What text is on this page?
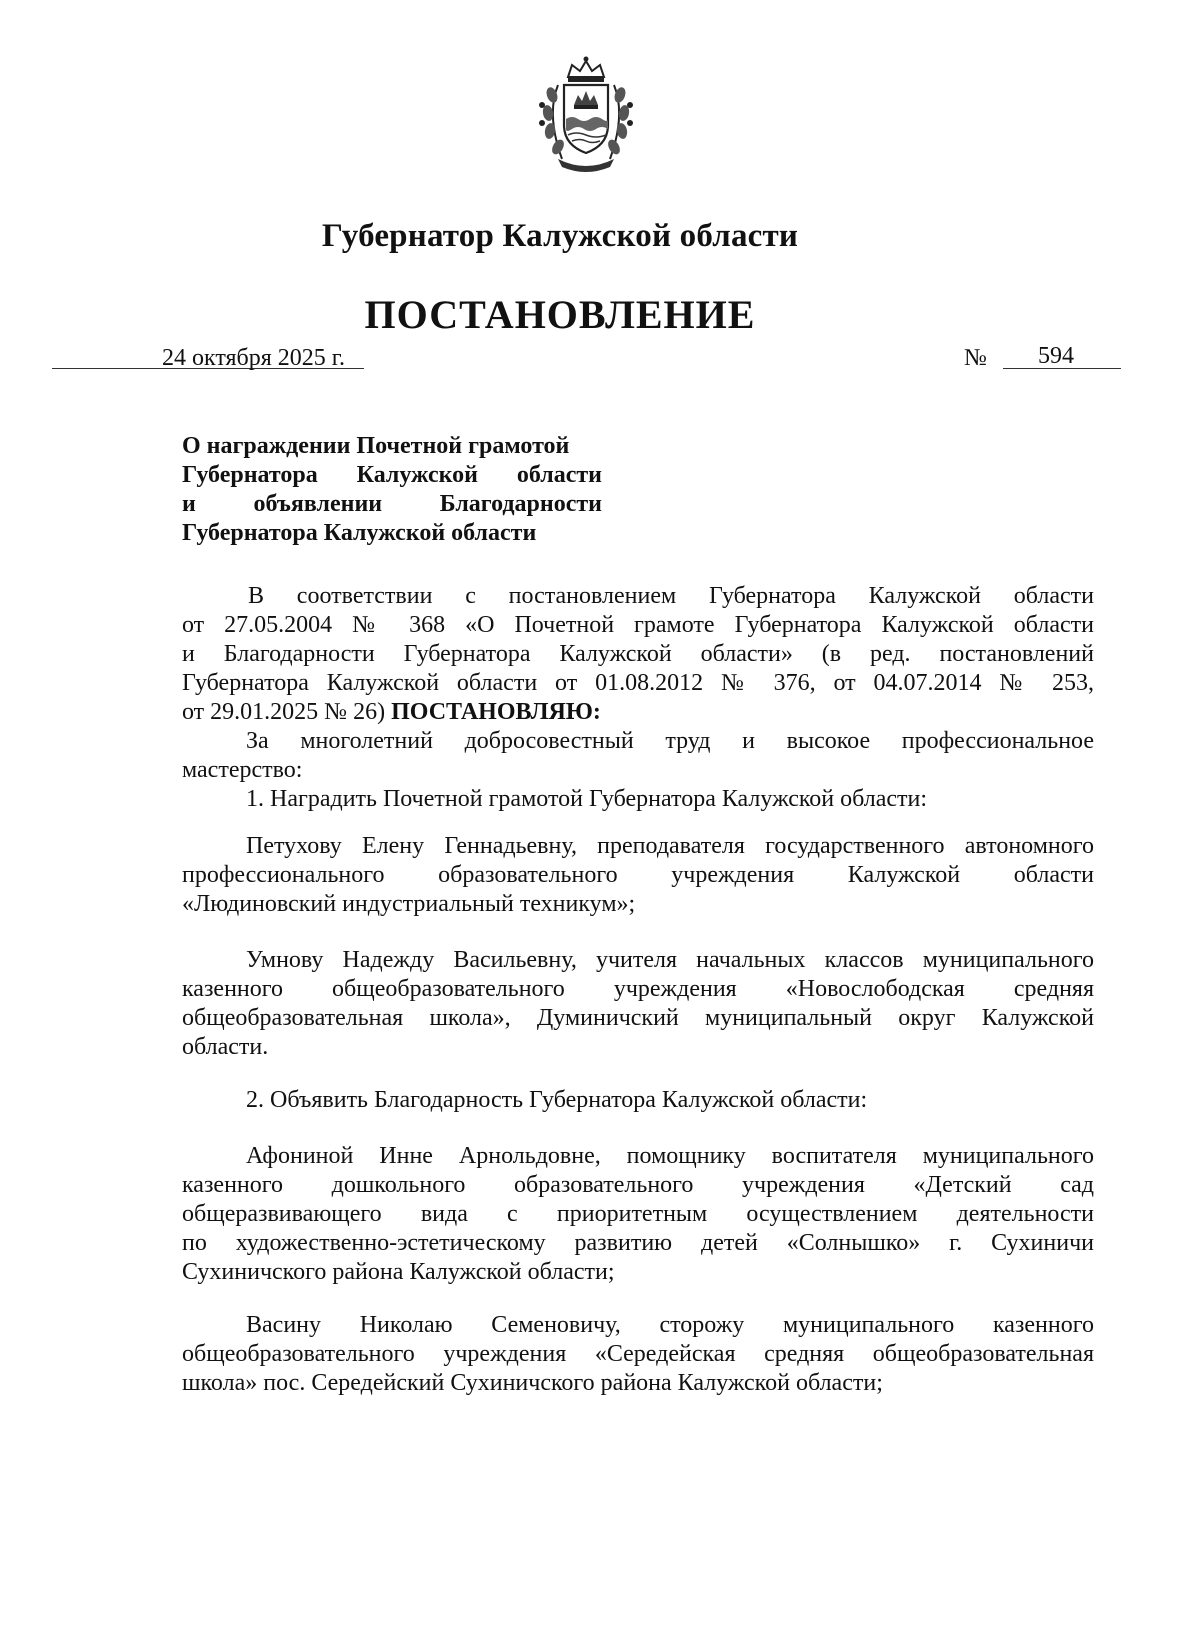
Губернатор Калужской области
ПОСТАНОВЛЕНИЕ
24 октября 2025 г.	№ 594
О награждении Почетной грамотой
Губернатора Калужской области
и объявлении Благодарности
Губернатора Калужской области
В соответствии с постановлением Губернатора Калужской области
от 27.05.2004 № 368 «О Почетной грамоте Губернатора Калужской области
и Благодарности Губернатора Калужской области» (в ред. постановлений
Губернатора Калужской области от 01.08.2012 № 376, от 04.07.2014 № 253,
от 29.01.2025 № 26) ПОСТАНОВЛЯЮ:
За многолетний добросовестный труд и высокое профессиональное
мастерство:
1. Наградить Почетной грамотой Губернатора Калужской области:
Петухову Елену Геннадьевну, преподавателя государственного автономного
профессионального образовательного учреждения Калужской области
«Людиновский индустриальный техникум»;
Умнову Надежду Васильевну, учителя начальных классов муниципального
казенного общеобразовательного учреждения «Новослободская средняя
общеобразовательная школа», Думиничский муниципальный округ Калужской
области.
2. Объявить Благодарность Губернатора Калужской области:
Афониной Инне Арнольдовне, помощнику воспитателя муниципального
казенного дошкольного образовательного учреждения «Детский сад
общеразвивающего вида с приоритетным осуществлением деятельности
по художественно-эстетическому развитию детей «Солнышко» г. Сухиничи
Сухиничского района Калужской области;
Васину Николаю Семеновичу, сторожу муниципального казенного
общеобразовательного учреждения «Середейская средняя общеобразовательная
школа» пос. Середейский Сухиничского района Калужской области;
